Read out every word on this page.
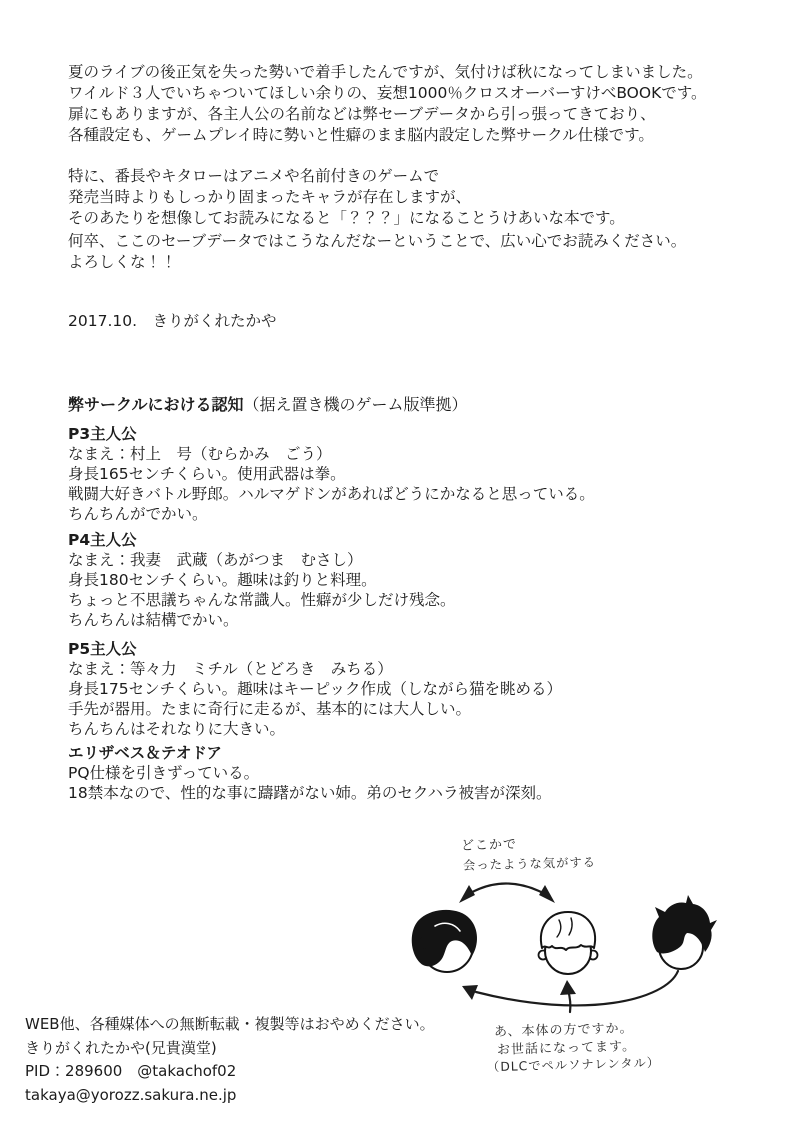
夏のライブの後正気を失った勢いで着手したんですが、気付けば秋になってしまいました。
ワイルド３人でいちゃついてほしい余りの、妄想1000％クロスオーバーすけべBOOKです。
扉にもありますが、各主人公の名前などは弊セーブデータから引っ張ってきており、
各種設定も、ゲームプレイ時に勢いと性癖のまま脳内設定した弊サークル仕様です。
特に、番長やキタローはアニメや名前付きのゲームで
発売当時よりもしっかり固まったキャラが存在しますが、
そのあたりを想像してお読みになると「？？？」になることうけあいな本です。
何卒、ここのセーブデータではこうなんだなーということで、広い心でお読みください。
よろしくな！！
2017.10.　きりがくれたかや
弊サークルにおける認知（据え置き機のゲーム版準拠）
P3主人公
なまえ：村上　号（むらかみ　ごう）
身長165センチくらい。使用武器は拳。
戦闘大好きバトル野郎。ハルマゲドンがあればどうにかなると思っている。
ちんちんがでかい。
P4主人公
なまえ：我妻　武蔵（あがつま　むさし）
身長180センチくらい。趣味は釣りと料理。
ちょっと不思議ちゃんな常識人。性癖が少しだけ残念。
ちんちんは結構でかい。
P5主人公
なまえ：等々力　ミチル（とどろき　みちる）
身長175センチくらい。趣味はキーピック作成（しながら猫を眺める）
手先が器用。たまに奇行に走るが、基本的には大人しい。
ちんちんはそれなりに大きい。
エリザベス＆テオドア
PQ仕様を引きずっている。
18禁本なので、性的な事に躊躇がない姉。弟のセクハラ被害が深刻。
どこかで
会ったような気がする
あ、本体の方ですか。
お世話になってます。
（DLCでペルソナレンタル）
WEB他、各種媒体への無断転載・複製等はおやめください。
きりがくれたかや(兄貴漢堂)
PID：289600　@takachof02
takaya@yorozz.sakura.ne.jp
